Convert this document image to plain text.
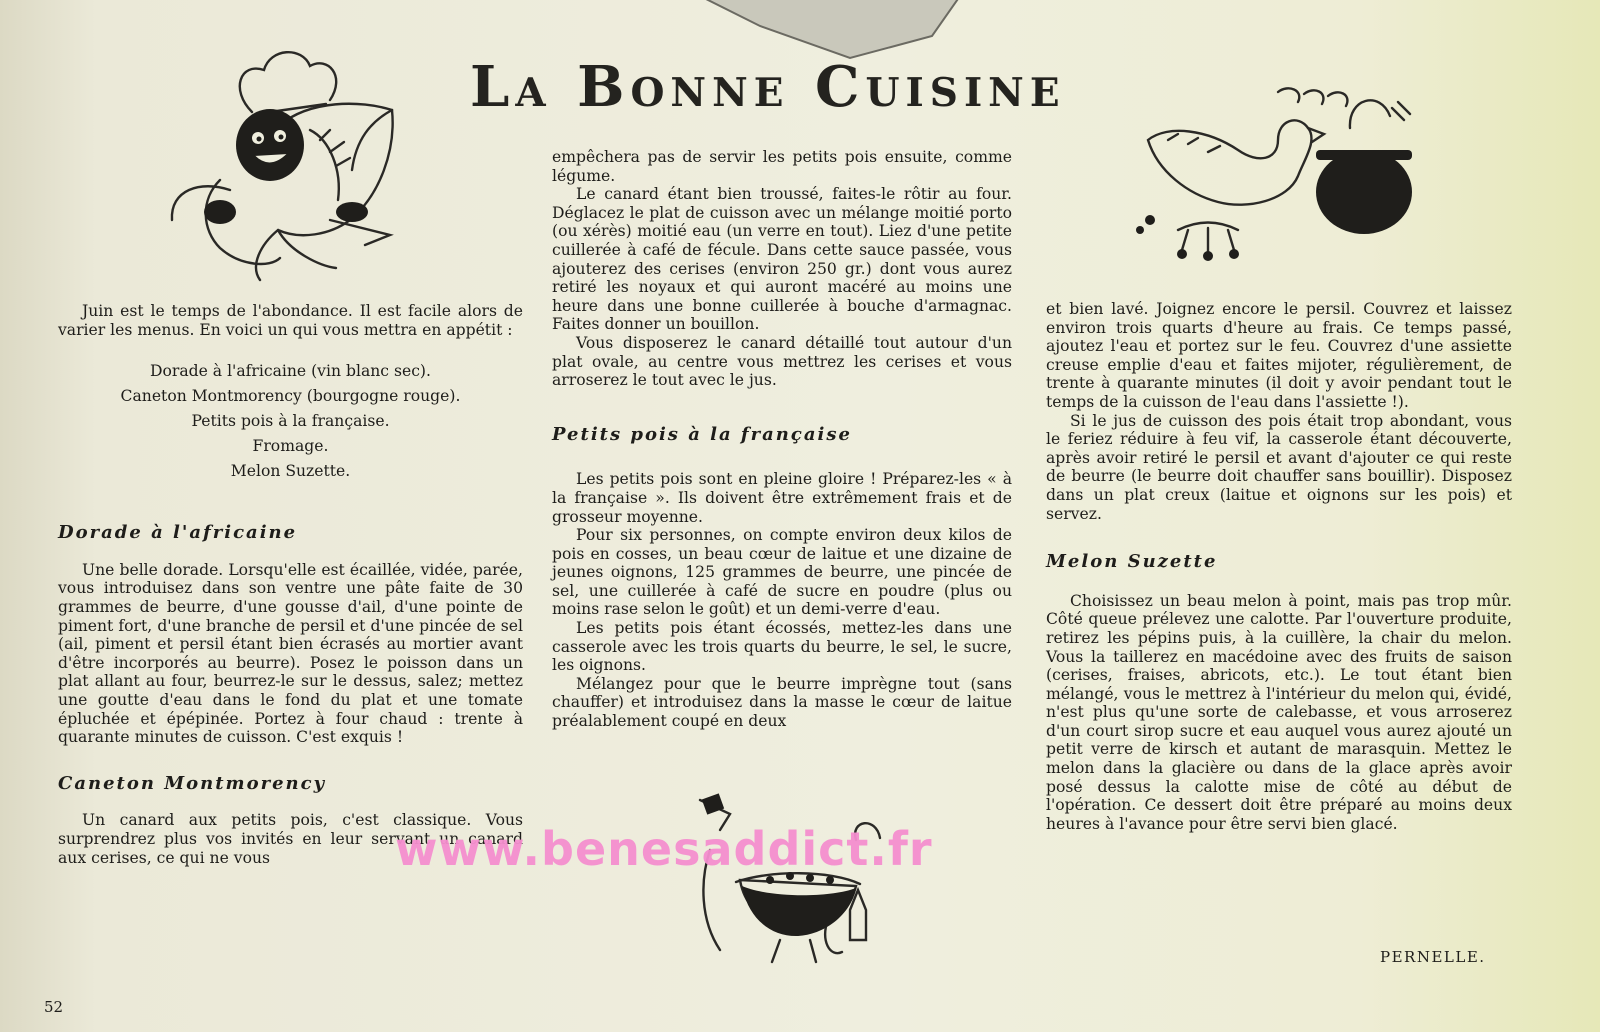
La Bonne Cuisine

Juin est le temps de l'abondance. Il est facile alors de varier les menus. En voici un qui vous mettra en appétit :

Dorade à l'africaine (vin blanc sec).
Caneton Montmorency (bourgogne rouge).
Petits pois à la française.
Fromage.
Melon Suzette.
Dorade à l'africaine

Une belle dorade. Lorsqu'elle est écaillée, vidée, parée, vous introduisez dans son ventre une pâte faite de 30 grammes de beurre, d'une gousse d'ail, d'une pointe de piment fort, d'une branche de persil et d'une pincée de sel (ail, piment et persil étant bien écrasés au mortier avant d'être incorporés au beurre). Posez le poisson dans un plat allant au four, beurrez-le sur le dessus, salez; mettez une goutte d'eau dans le fond du plat et une tomate épluchée et épépinée. Portez à four chaud : trente à quarante minutes de cuisson. C'est exquis !

Caneton Montmorency

Un canard aux petits pois, c'est classique. Vous surprendrez plus vos invités en leur servant un canard aux cerises, ce qui ne vous

empêchera pas de servir les petits pois ensuite, comme légume.

Le canard étant bien troussé, faites-le rôtir au four. Déglacez le plat de cuisson avec un mélange moitié porto (ou xérès) moitié eau (un verre en tout). Liez d'une petite cuillerée à café de fécule. Dans cette sauce passée, vous ajouterez des cerises (environ 250 gr.) dont vous aurez retiré les noyaux et qui auront macéré au moins une heure dans une bonne cuillerée à bouche d'armagnac. Faites donner un bouillon.

Vous disposerez le canard détaillé tout autour d'un plat ovale, au centre vous mettrez les cerises et vous arroserez le tout avec le jus.

Petits pois à la française

Les petits pois sont en pleine gloire ! Préparez-les « à la française ». Ils doivent être extrêmement frais et de grosseur moyenne.

Pour six personnes, on compte environ deux kilos de pois en cosses, un beau cœur de laitue et une dizaine de jeunes oignons, 125 grammes de beurre, une pincée de sel, une cuillerée à café de sucre en poudre (plus ou moins rase selon le goût) et un demi-verre d'eau.

Les petits pois étant écossés, mettez-les dans une casserole avec les trois quarts du beurre, le sel, le sucre, les oignons.

Mélangez pour que le beurre imprègne tout (sans chauffer) et introduisez dans la masse le cœur de laitue préalablement coupé en deux

et bien lavé. Joignez encore le persil. Couvrez et laissez environ trois quarts d'heure au frais. Ce temps passé, ajoutez l'eau et portez sur le feu. Couvrez d'une assiette creuse emplie d'eau et faites mijoter, régulièrement, de trente à quarante minutes (il doit y avoir pendant tout le temps de la cuisson de l'eau dans l'assiette !).

Si le jus de cuisson des pois était trop abondant, vous le feriez réduire à feu vif, la casserole étant découverte, après avoir retiré le persil et avant d'ajouter ce qui reste de beurre (le beurre doit chauffer sans bouillir). Disposez dans un plat creux (laitue et oignons sur les pois) et servez.

Melon Suzette

Choisissez un beau melon à point, mais pas trop mûr. Côté queue prélevez une calotte. Par l'ouverture produite, retirez les pépins puis, à la cuillère, la chair du melon. Vous la taillerez en macédoine avec des fruits de saison (cerises, fraises, abricots, etc.). Le tout étant bien mélangé, vous le mettrez à l'intérieur du melon qui, évidé, n'est plus qu'une sorte de calebasse, et vous arroserez d'un court sirop sucre et eau auquel vous aurez ajouté un petit verre de kirsch et autant de marasquin. Mettez le melon dans la glacière ou dans de la glace après avoir posé dessus la calotte mise de côté au début de l'opération. Ce dessert doit être préparé au moins deux heures à l'avance pour être servi bien glacé.

PERNELLE.
52
www.benesaddict.fr
